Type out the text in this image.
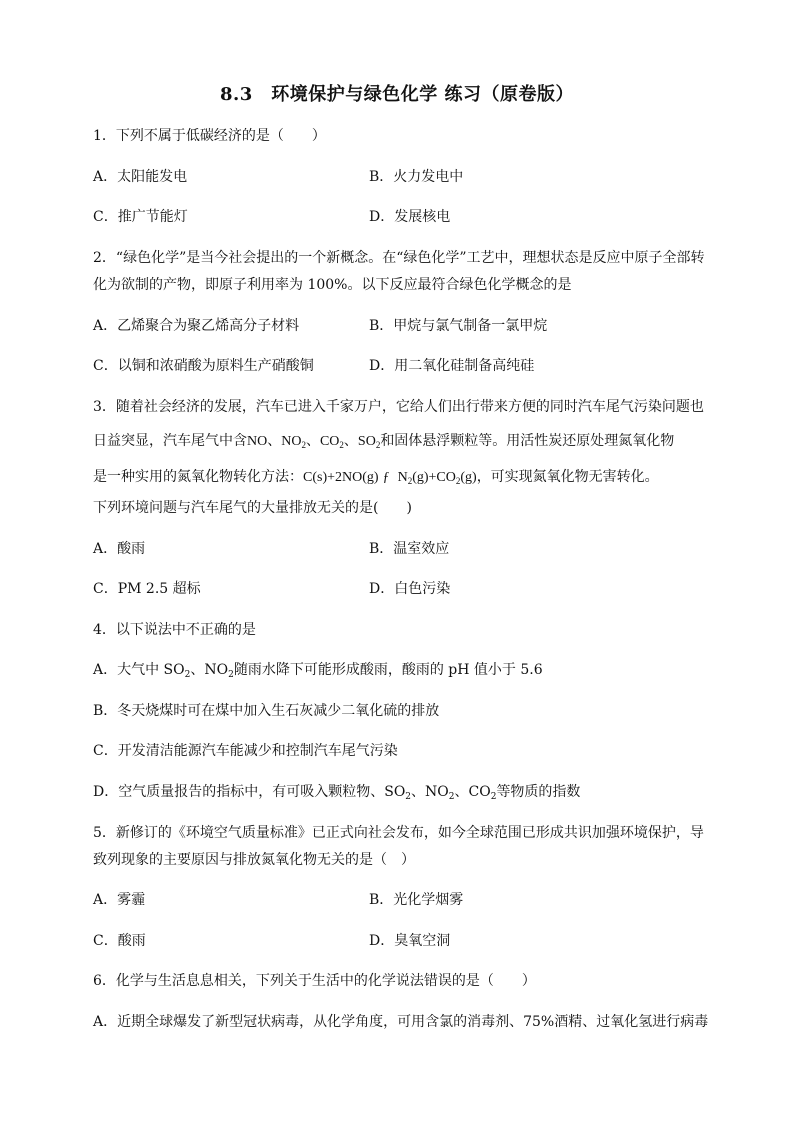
8.3　环境保护与绿色化学 练习（原卷版）
1．下列不属于低碳经济的是（　　）
A．太阳能发电	B．火力发电中
C．推广节能灯	D．发展核电
2．“绿色化学”是当今社会提出的一个新概念。在“绿色化学”工艺中，理想状态是反应中原子全部转
化为欲制的产物，即原子利用率为 100%。以下反应最符合绿色化学概念的是
A．乙烯聚合为聚乙烯高分子材料	B．甲烷与氯气制备一氯甲烷
C．以铜和浓硝酸为原料生产硝酸铜	D．用二氧化硅制备高纯硅
3．随着社会经济的发展，汽车已进入千家万户，它给人们出行带来方便的同时汽车尾气污染问题也
日益突显，汽车尾气中含NO、$NO_2$、$CO_2$、$SO_2$和固体悬浮颗粒等。用活性炭还原处理氮氧化物
是一种实用的氮氧化物转化方法：C(s)+2NO(g) ƒ $N_2(g)+CO_2(g)$，可实现氮氧化物无害转化。
下列环境问题与汽车尾气的大量排放无关的是(　　)
A．酸雨	B．温室效应
C．PM 2.5 超标	D．白色污染
4．以下说法中不正确的是
A．大气中 $SO_2$、$NO_2$随雨水降下可能形成酸雨，酸雨的 pH 值小于 5.6
B．冬天烧煤时可在煤中加入生石灰减少二氧化硫的排放
C．开发清洁能源汽车能减少和控制汽车尾气污染
D．空气质量报告的指标中，有可吸入颗粒物、$SO_2$、$NO_2$、$CO_2$等物质的指数
5．新修订的《环境空气质量标准》已正式向社会发布，如今全球范围已形成共识加强环境保护，导
致列现象的主要原因与排放氮氧化物无关的是（　）
A．雾霾	B．光化学烟雾
C．酸雨	D．臭氧空洞
6．化学与生活息息相关，下列关于生活中的化学说法错误的是（　　）
A．近期全球爆发了新型冠状病毒，从化学角度，可用含氯的消毒剂、75%酒精、过氧化氢进行病毒
